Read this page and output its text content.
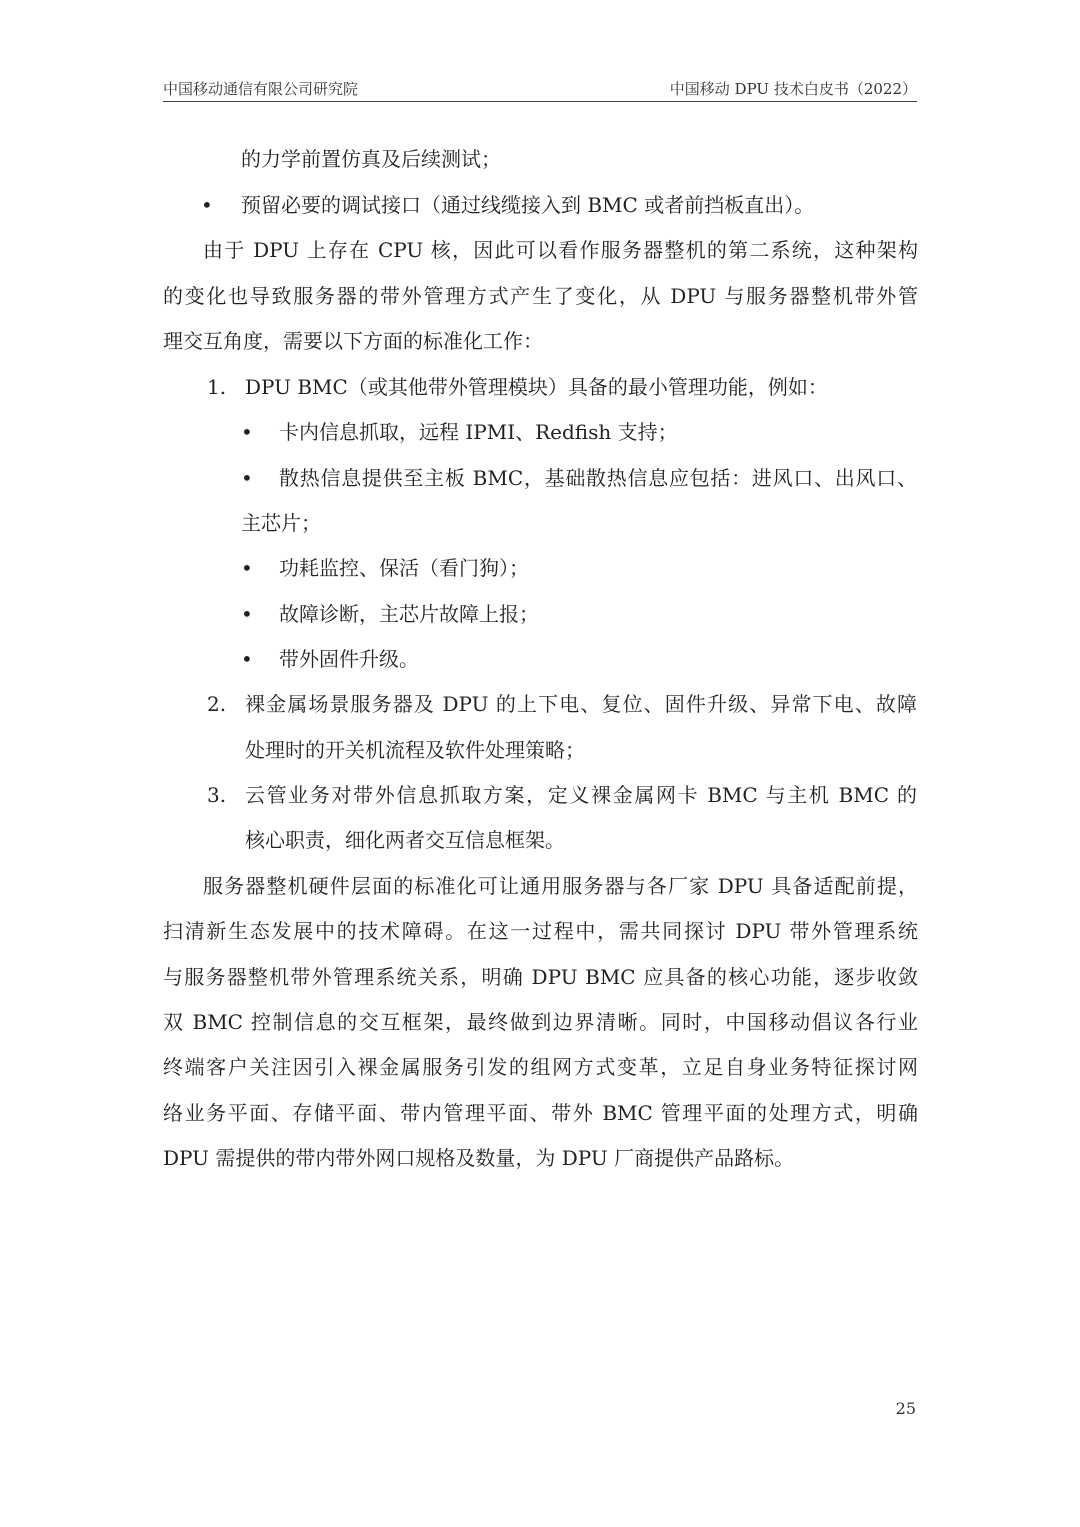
中国移动通信有限公司研究院	中国移动 DPU 技术白皮书（2022）
的力学前置仿真及后续测试；
• 预留必要的调试接口（通过线缆接入到 BMC 或者前挡板直出）。
由于 DPU 上存在 CPU 核，因此可以看作服务器整机的第二系统，这种架构
的变化也导致服务器的带外管理方式产生了变化，从 DPU 与服务器整机带外管
理交互角度，需要以下方面的标准化工作：
1. DPU BMC（或其他带外管理模块）具备的最小管理功能，例如：
• 卡内信息抓取，远程 IPMI、Redfish 支持；
• 散热信息提供至主板 BMC，基础散热信息应包括：进风口、出风口、
主芯片；
• 功耗监控、保活（看门狗）；
• 故障诊断，主芯片故障上报；
• 带外固件升级。
2. 裸金属场景服务器及 DPU 的上下电、复位、固件升级、异常下电、故障
处理时的开关机流程及软件处理策略；
3. 云管业务对带外信息抓取方案，定义裸金属网卡 BMC 与主机 BMC 的
核心职责，细化两者交互信息框架。
服务器整机硬件层面的标准化可让通用服务器与各厂家 DPU 具备适配前提，
扫清新生态发展中的技术障碍。在这一过程中，需共同探讨 DPU 带外管理系统
与服务器整机带外管理系统关系，明确 DPU BMC 应具备的核心功能，逐步收敛
双 BMC 控制信息的交互框架，最终做到边界清晰。同时，中国移动倡议各行业
终端客户关注因引入裸金属服务引发的组网方式变革，立足自身业务特征探讨网
络业务平面、存储平面、带内管理平面、带外 BMC 管理平面的处理方式，明确
DPU 需提供的带内带外网口规格及数量，为 DPU 厂商提供产品路标。
25
